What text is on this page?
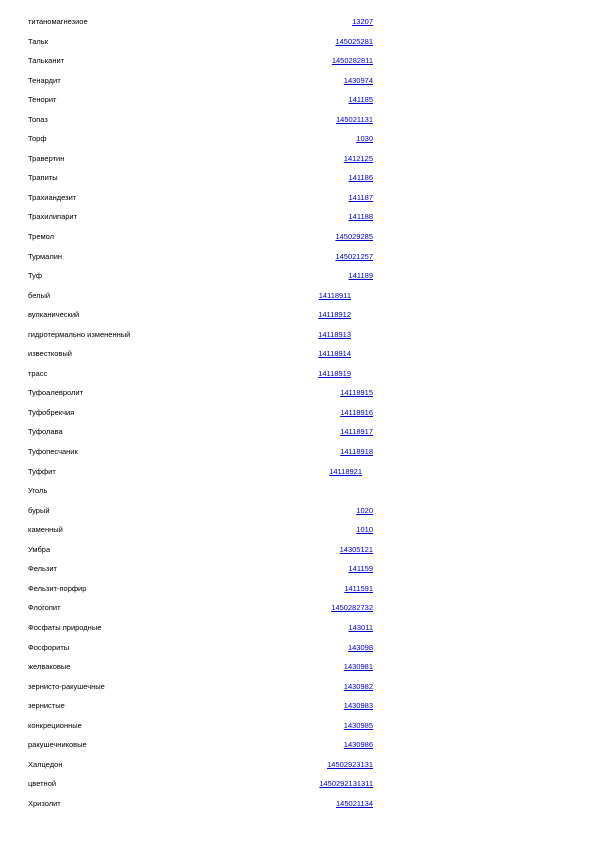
титаномагнезиое	13207
Тальк	145025281
Тальканит	1450282811
Тенардит	1430974
Тенорит	141185
Топаз	145021131
Торф	1030
Травертин	1412125
Трапиты	141186
Трахиандезит	141187
Трахилипарит	141188
Тремол	145029285
Турмалин	145021257
Туф	141189
белый	14118911
вулканический	14118912
гидротермально измененный	14118913
известковый	14118914
трасс	14118919
Туфоалевролит	14118915
Туфобрекчия	14118916
Туфолава	14118917
Туфопесчаник	14118918
Туффит	14118921
Уголь
бурый	1020
каменный	1010
Умбра	14305121
Фельзит	141159
Фельзит-порфир	1411591
Флогопит	1450282732
Фосфаты природные	143011
Фосфориты	143098
желваковые	1430981
зернисто-ракушечные	1430982
зернистые	1430983
конкреционные	1430985
ракушечниковые	1430986
Халцедон	14502923131
цветной	1450292131311
Хризолит	145021134
